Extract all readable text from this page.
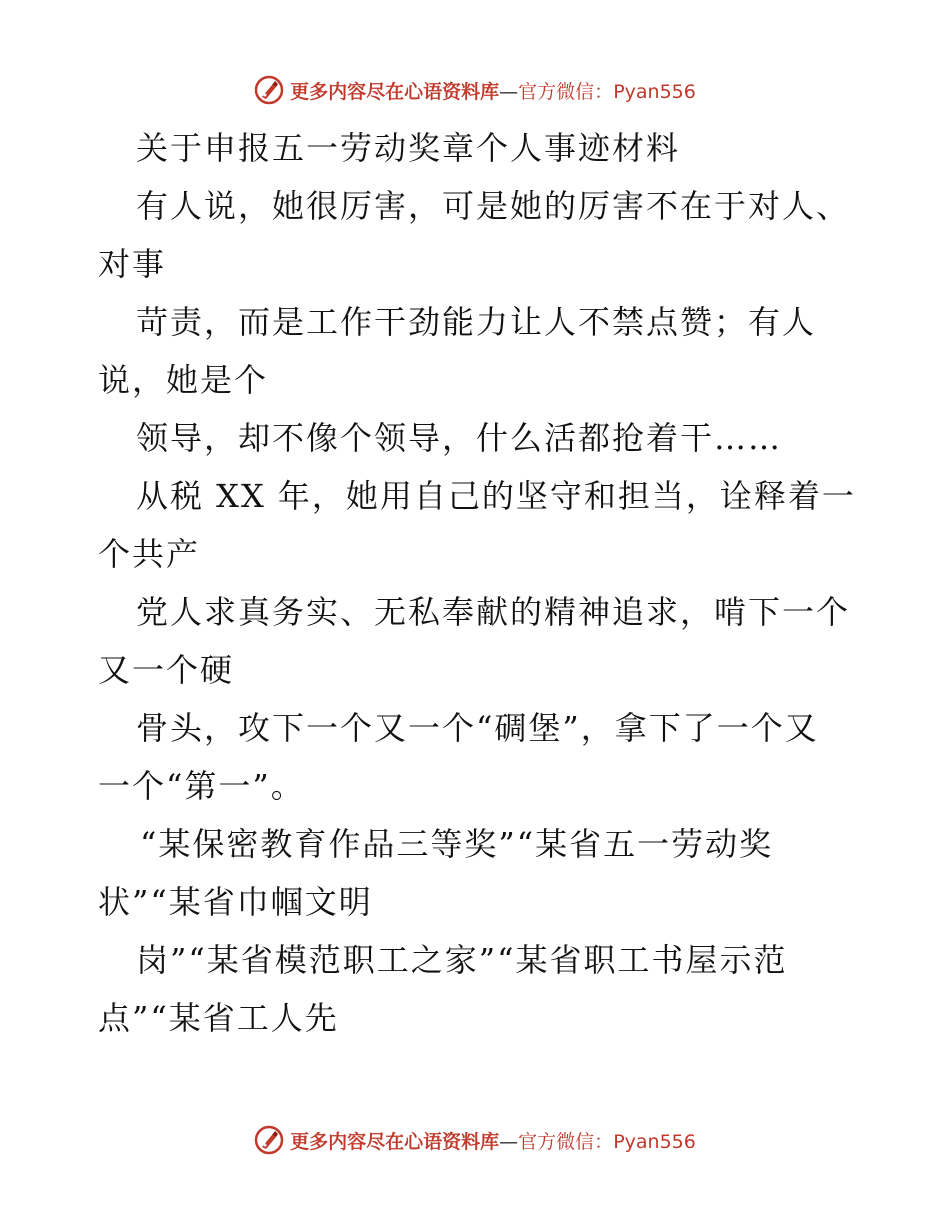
更多内容尽在心语资料库—官方微信：Pyan556
关于申报五一劳动奖章个人事迹材料
有人说，她很厉害，可是她的厉害不在于对人、
对事
苛责，而是工作干劲能力让人不禁点赞；有人
说，她是个
领导，却不像个领导，什么活都抢着干……
从税 XX 年，她用自己的坚守和担当，诠释着一
个共产
党人求真务实、无私奉献的精神追求，啃下一个
又一个硬
骨头，攻下一个又一个“碉堡”，拿下了一个又
一个“第一”。
“某保密教育作品三等奖”“某省五一劳动奖
状”“某省巾帼文明
岗”“某省模范职工之家”“某省职工书屋示范
点”“某省工人先
更多内容尽在心语资料库—官方微信：Pyan556
